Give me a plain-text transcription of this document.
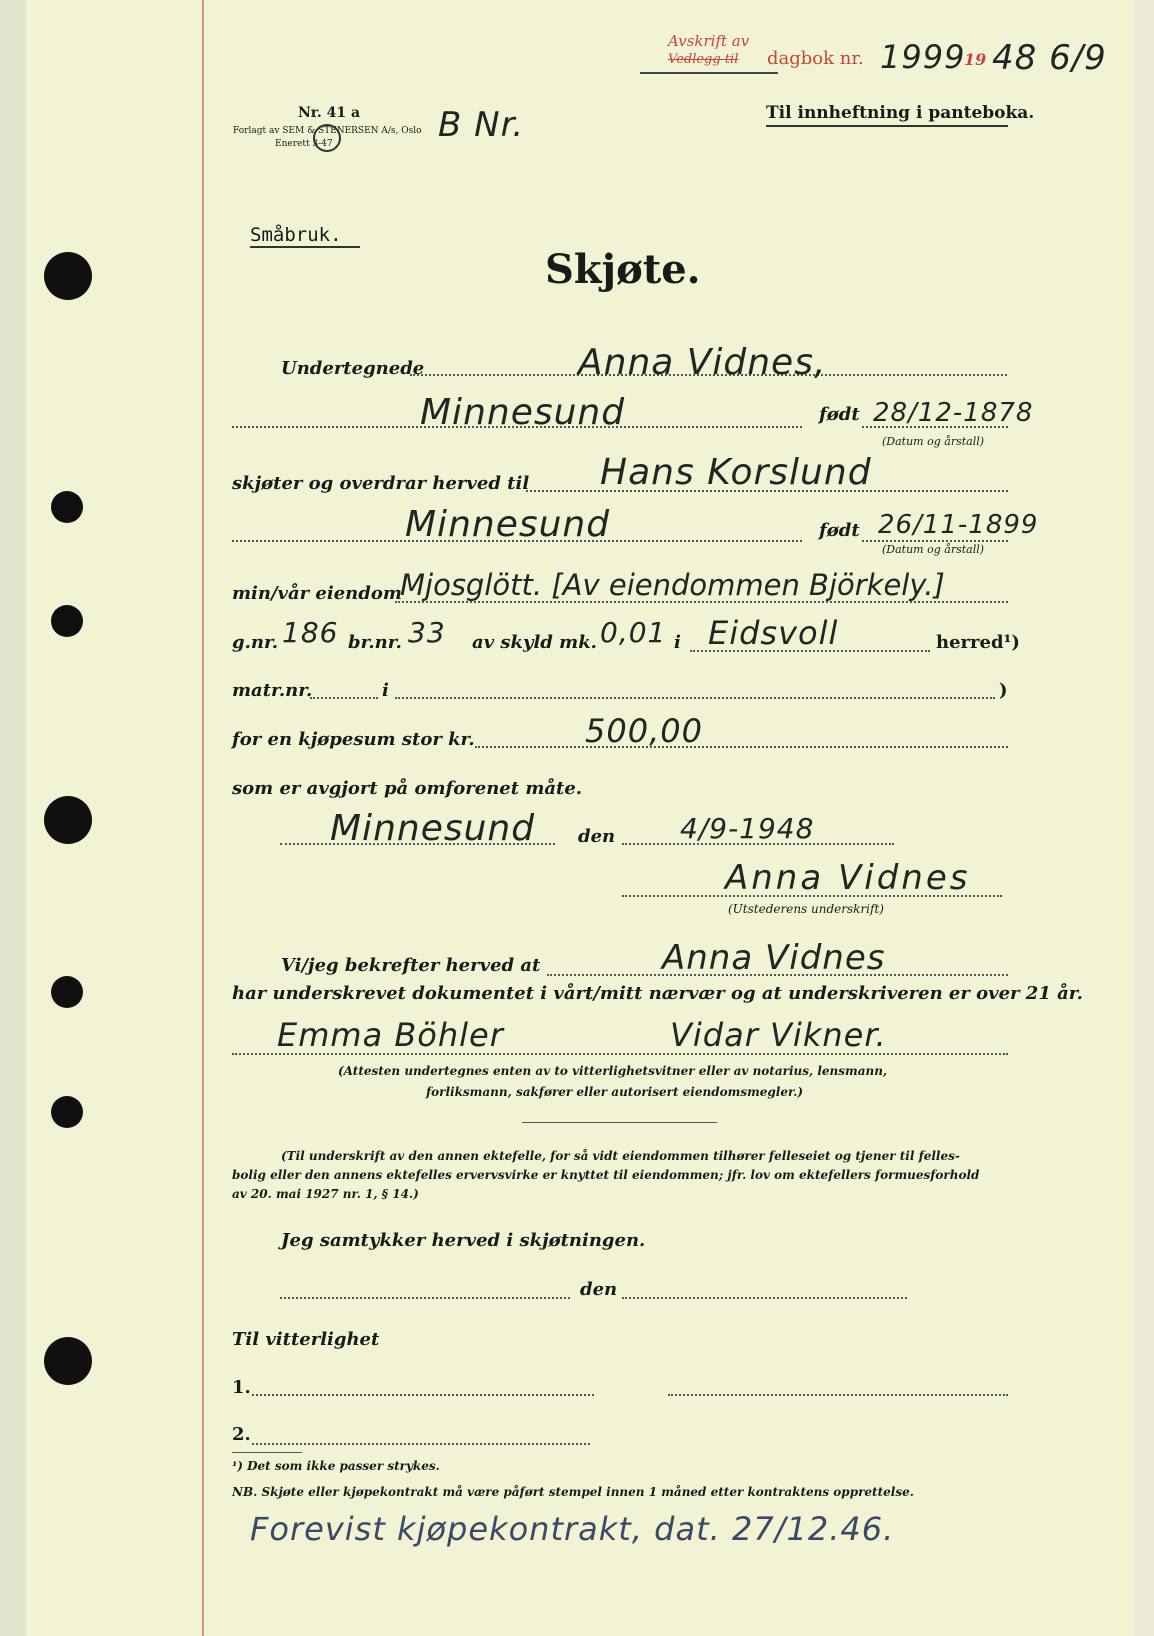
Avskrift av
Vedlegg til dagbok nr. 1999
19 48 6/9
Til innheftning i panteboka.
Nr. 41 a
Forlagt av SEM & STENERSEN A/s, Oslo
Enerett 3-47	B Nr.
Småbruk.
Skjøte.
Undertegnede	Anna Vidnes,
Minnesund	født 28/12-1878
(Datum og årstall)
skjøter og overdrar herved til Hans Korslund
Minnesund	født 26/11-1899
(Datum og årstall)
min/vår eiendom
Mjosglött. [Av eiendommen Björkely.]
g.nr. 186 br.nr. 33 av skyld mk. 0,01 i Eidsvoll	herred¹)
matr.nr.	i	)
for en kjøpesum stor kr.	500,00
som er avgjort på omforenet måte.
Minnesund den 4/9-1948
Anna Vidnes
(Utstederens underskrift)
Vi/jeg bekrefter herved at	Anna Vidnes
har underskrevet dokumentet i vårt/mitt nærvær og at underskriveren er over 21 år.
Emma Böhler	Vidar Vikner.
(Attesten undertegnes enten av to vitterlighetsvitner eller av notarius, lensmann,
forliksmann, sakfører eller autorisert eiendomsmegler.)
(Til underskrift av den annen ektefelle, for så vidt eiendommen tilhører felleseiet og tjener til felles-
bolig eller den annens ektefelles ervervsvirke er knyttet til eiendommen; jfr. lov om ektefellers formuesforhold
av 20. mai 1927 nr. 1, § 14.)
Jeg samtykker herved i skjøtningen.
den
Til vitterlighet
1.
2.
¹) Det som ikke passer strykes.
NB. Skjøte eller kjøpekontrakt må være påført stempel innen 1 måned etter kontraktens opprettelse.
Forevist kjøpekontrakt, dat. 27/12.46.
